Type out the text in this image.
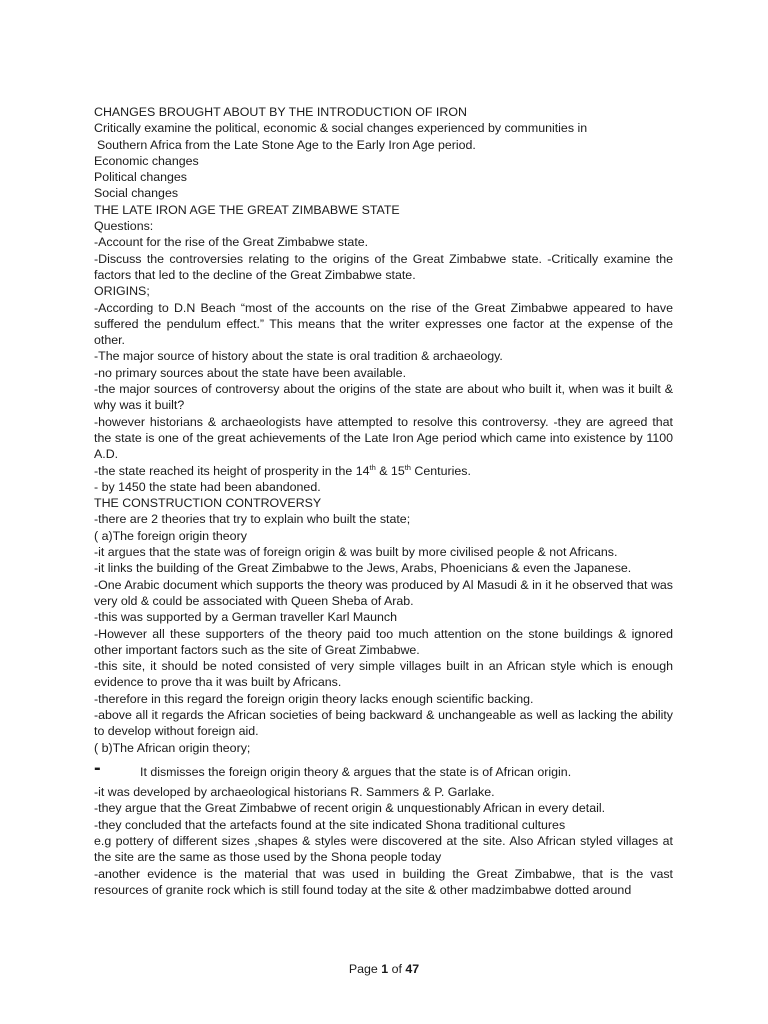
CHANGES BROUGHT ABOUT BY THE INTRODUCTION OF IRON

Critically examine the political, economic & social changes experienced by communities in

Southern Africa from the Late Stone Age to the Early Iron Age period.

Economic changes

Political changes

Social changes

THE LATE IRON AGE THE GREAT ZIMBABWE STATE

Questions:

-Account for the rise of the Great Zimbabwe state.

-Discuss the controversies relating to the origins of the Great Zimbabwe state. -Critically examine the factors that led to the decline of the Great Zimbabwe state.

ORIGINS;

-According to D.N Beach “most of the accounts on the rise of the Great Zimbabwe appeared to have suffered the pendulum effect.” This means that the writer expresses one factor at the expense of the other.

-The major source of history about the state is oral tradition & archaeology.

-no primary sources about the state have been available.

-the major sources of controversy about the origins of the state are about who built it, when was it built & why was it built?

-however historians & archaeologists have attempted to resolve this controversy. -they are agreed that the state is one of the great achievements of the Late Iron Age period which came into existence by 1100 A.D.

-the state reached its height of prosperity in the 14th & 15th Centuries.

- by 1450 the state had been abandoned.

THE CONSTRUCTION CONTROVERSY

-there are 2 theories that try to explain who built the state;

( a)The foreign origin theory

-it argues that the state was of foreign origin & was built by more civilised people & not Africans.

-it links the building of the Great Zimbabwe to the Jews, Arabs, Phoenicians & even the Japanese.

-One Arabic document which supports the theory was produced by Al Masudi & in it he observed that was very old & could be associated with Queen Sheba of Arab.

-this was supported by a German traveller Karl Maunch

-However all these supporters of the theory paid too much attention on the stone buildings & ignored other important factors such as the site of Great Zimbabwe.

-this site, it should be noted consisted of very simple villages built in an African style which is enough evidence to prove tha it was built by Africans.

-therefore in this regard the foreign origin theory lacks enough scientific backing.

-above all it regards the African societies of being backward & unchangeable as well as lacking the ability to develop without foreign aid.

( b)The African origin theory;

-	It dismisses the foreign origin theory & argues that the state is of African origin.

-it was developed by archaeological historians R. Sammers & P. Garlake.

-they argue that the Great Zimbabwe of recent origin & unquestionably African in every detail.

-they concluded that the artefacts found at the site indicated Shona traditional cultures

e.g pottery of different sizes ,shapes & styles were discovered at the site. Also African styled villages at the site are the same as those used by the Shona people today

-another evidence is the material that was used in building the Great Zimbabwe, that is the vast resources of granite rock which is still found today at the site & other madzimbabwe dotted around

Page 1 of 47
